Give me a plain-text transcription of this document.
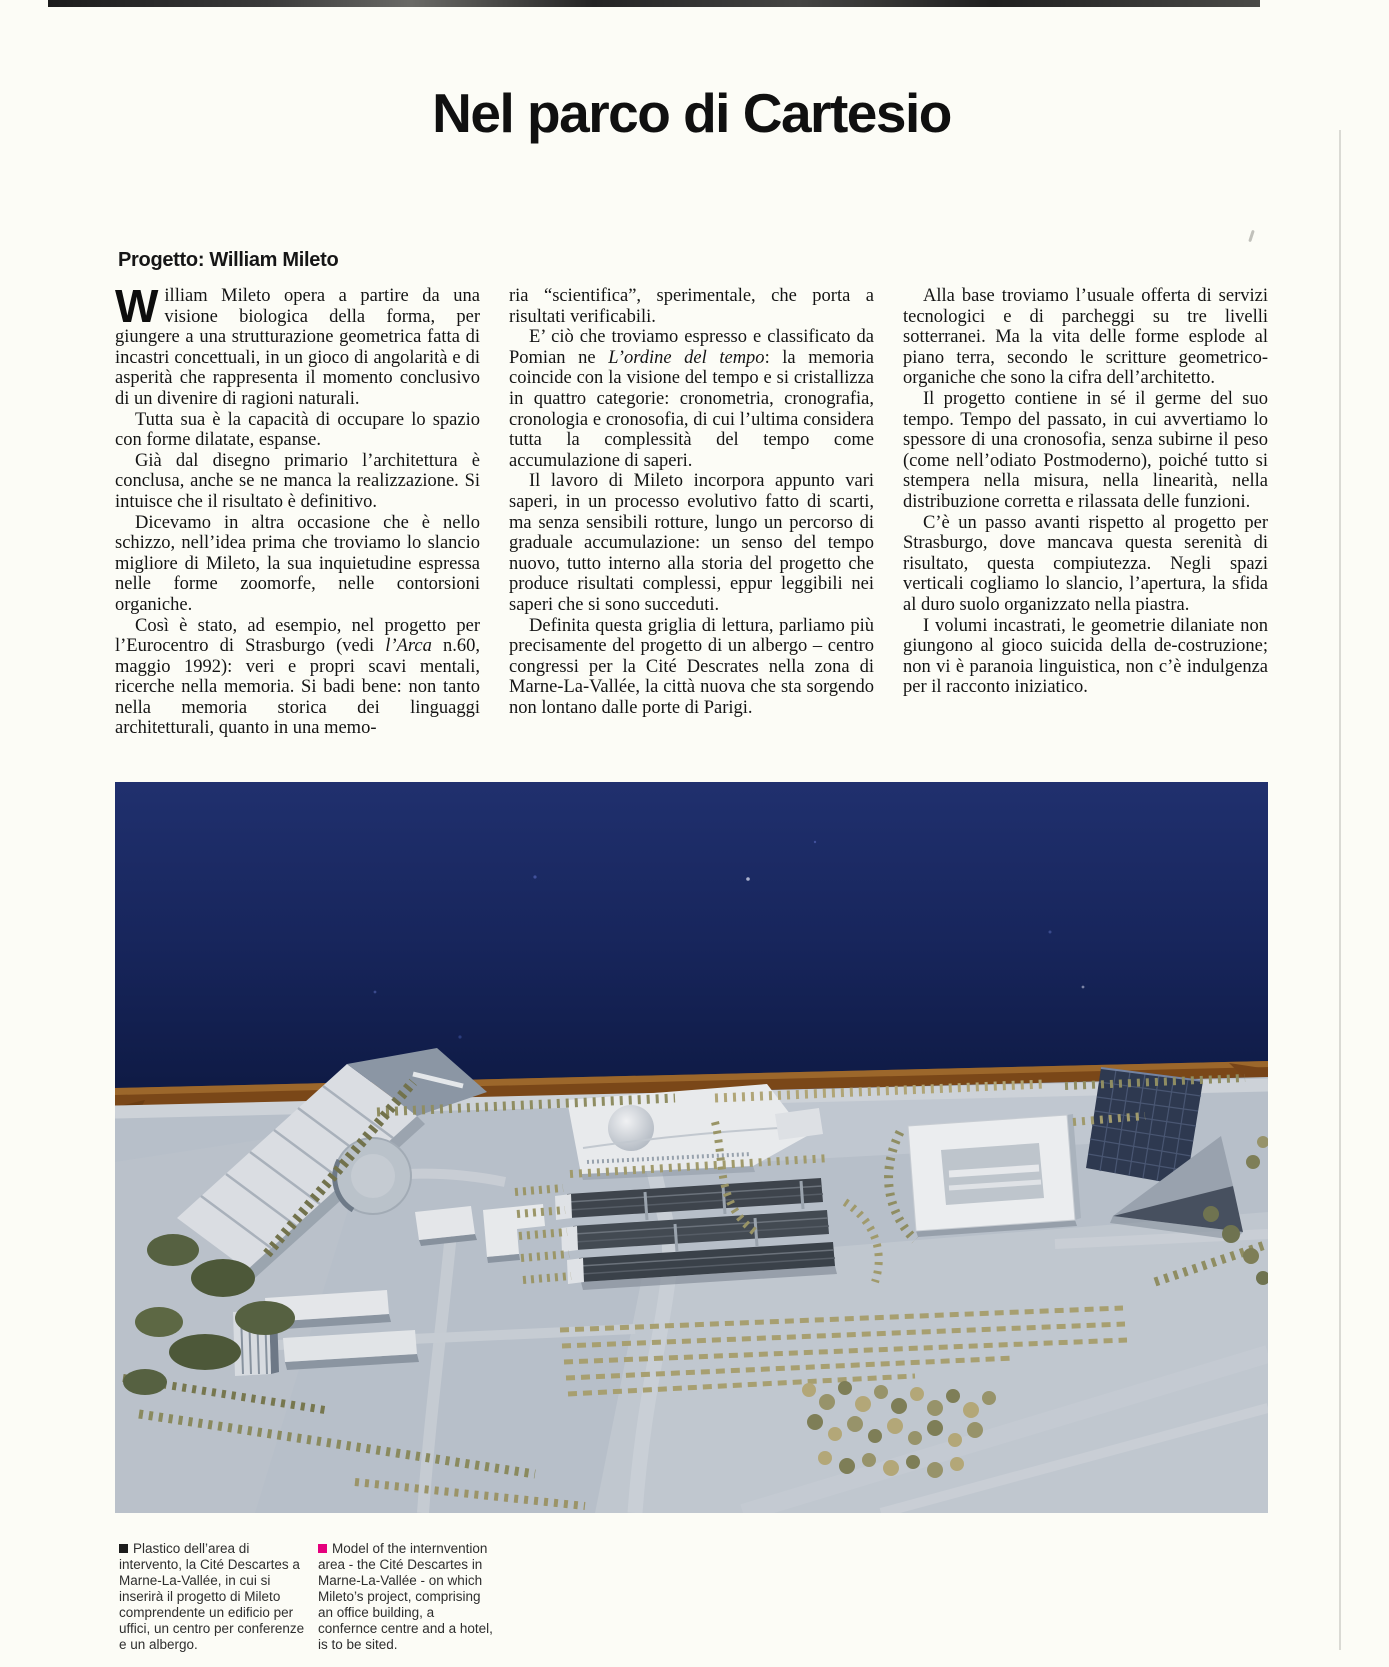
Nel parco di Cartesio
Progetto: William Mileto

William Mileto opera a partire da una visione biologica della forma, per giungere a una strutturazione geometrica fatta di incastri concettuali, in un gioco di angolarità e di asperità che rappresenta il momento conclusivo di un divenire di ragioni naturali.

Tutta sua è la capacità di occupare lo spazio con forme dilatate, espanse.

Già dal disegno primario l’architettura è conclusa, anche se ne manca la realizzazione. Si intuisce che il risultato è definitivo.

Dicevamo in altra occasione che è nello schizzo, nell’idea prima che troviamo lo slancio migliore di Mileto, la sua inquietudine espressa nelle forme zoomorfe, nelle contorsioni organiche.

Così è stato, ad esempio, nel progetto per l’Eurocentro di Strasburgo (vedi l’Arca n.60, maggio 1992): veri e propri scavi mentali, ricerche nella memoria. Si badi bene: non tanto nella memoria storica dei linguaggi architetturali, quanto in una memo-

ria “scientifica”, sperimentale, che porta a risultati verificabili.

E’ ciò che troviamo espresso e classificato da Pomian ne L’ordine del tempo: la memoria coincide con la visione del tempo e si cristallizza in quattro categorie: cronometria, cronografia, cronologia e cronosofia, di cui l’ultima considera tutta la complessità del tempo come accumulazione di saperi.

Il lavoro di Mileto incorpora appunto vari saperi, in un processo evolutivo fatto di scarti, ma senza sensibili rotture, lungo un percorso di graduale accumulazione: un senso del tempo nuovo, tutto interno alla storia del progetto che produce risultati complessi, eppur leggibili nei saperi che si sono succeduti.

Definita questa griglia di lettura, parliamo più precisamente del progetto di un albergo – centro congressi per la Cité Descrates nella zona di Marne-La-Vallée, la città nuova che sta sorgendo non lontano dalle porte di Parigi.

Alla base troviamo l’usuale offerta di servizi tecnologici e di parcheggi su tre livelli sotterranei. Ma la vita delle forme esplode al piano terra, secondo le scritture geometrico-organiche che sono la cifra dell’architetto.

Il progetto contiene in sé il germe del suo tempo. Tempo del passato, in cui avvertiamo lo spessore di una cronosofia, senza subirne il peso (come nell’odiato Postmoderno), poiché tutto si stempera nella misura, nella linearità, nella distribuzione corretta e rilassata delle funzioni.

C’è un passo avanti rispetto al progetto per Strasburgo, dove mancava questa serenità di risultato, questa compiutezza. Negli spazi verticali cogliamo lo slancio, l’apertura, la sfida al duro suolo organizzato nella piastra.

I volumi incastrati, le geometrie dilaniate non giungono al gioco suicida della de-costruzione; non vi è paranoia linguistica, non c’è indulgenza per il racconto iniziatico.

Plastico dell’area di intervento, la Cité Descartes a Marne-La-Vallée, in cui si inserirà il progetto di Mileto comprendente un edificio per uffici, un centro per conferenze e un albergo.
Model of the internvention area - the Cité Descartes in Marne-La-Vallée - on which Mileto’s project, comprising an office building, a confernce centre and a hotel, is to be sited.
